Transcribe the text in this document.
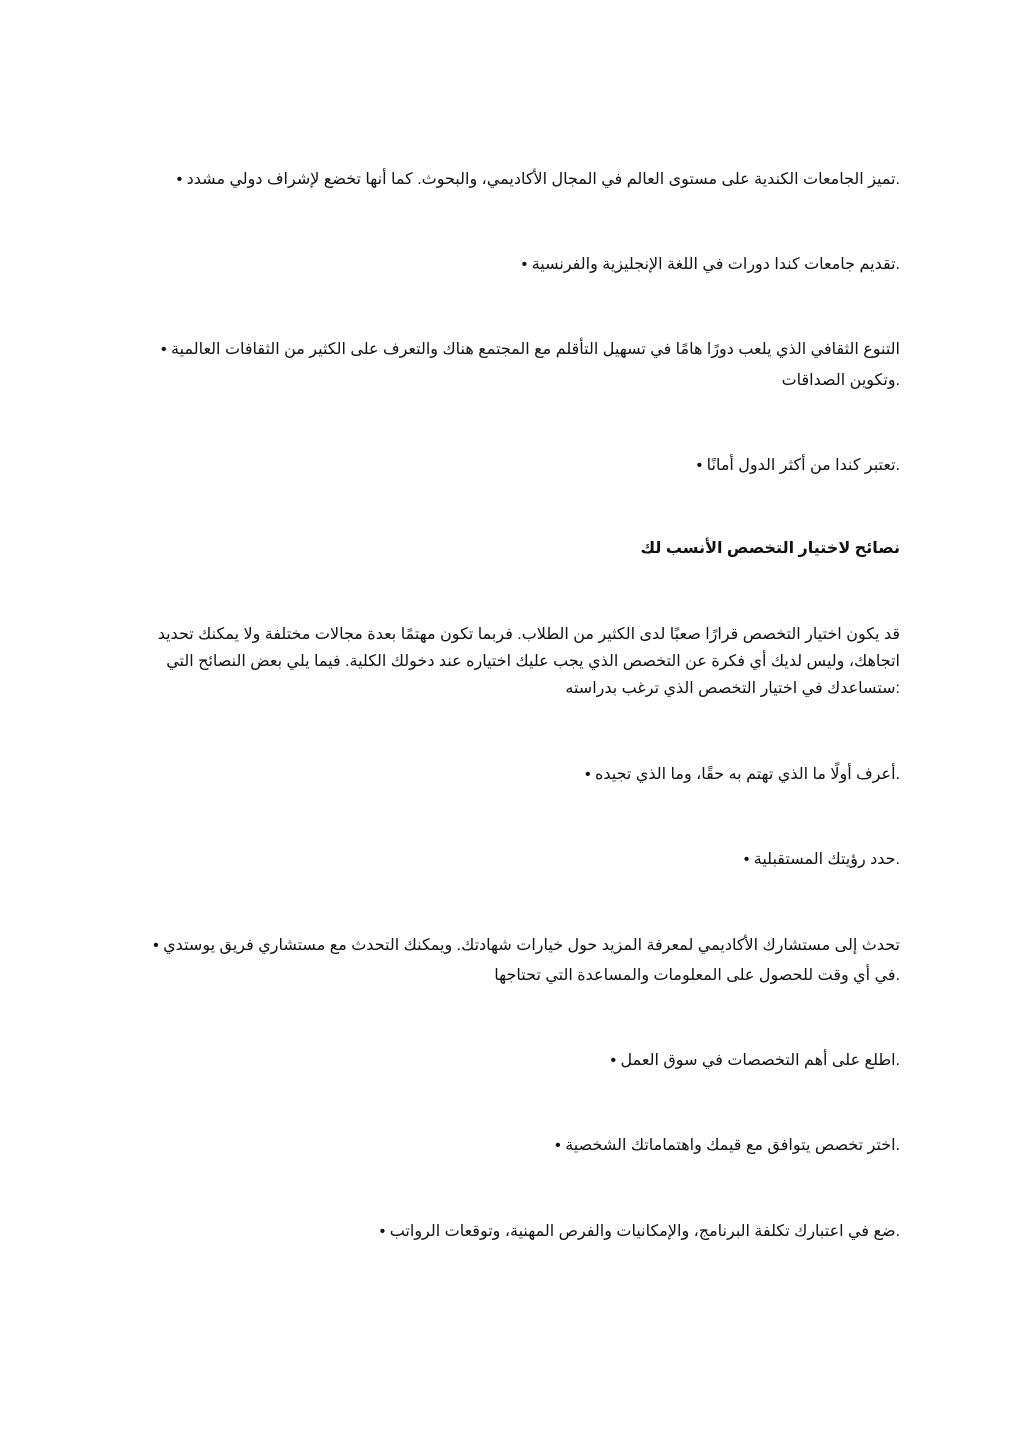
.تميز الجامعات الكندية على مستوى العالم في المجال الأكاديمي، والبحوث. كما أنها تخضع لإشراف دولي مشدد •
.تقديم جامعات كندا دورات في اللغة الإنجليزية والفرنسية •
التنوع الثقافي الذي يلعب دورًا هامًا في تسهيل التأقلم مع المجتمع هناك والتعرف على الكثير من الثقافات العالمية •
.وتكوين الصداقات
.تعتبر كندا من أكثر الدول أمانًا •
نصائح لاختيار التخصص الأنسب لك
قد يكون اختيار التخصص قرارًا صعبًا لدى الكثير من الطلاب. فربما تكون مهتمًا بعدة مجالات مختلفة ولا يمكنك تحديد
اتجاهك، وليس لديك أي فكرة عن التخصص الذي يجب عليك اختياره عند دخولك الكلية. فيما يلي بعض النصائح التي
:ستساعدك في اختيار التخصص الذي ترغب بدراسته
.أعرف أولًا ما الذي تهتم به حقًا، وما الذي تجيده •
.حدد رؤيتك المستقبلية •
تحدث إلى مستشارك الأكاديمي لمعرفة المزيد حول خيارات شهادتك. ويمكنك التحدث مع مستشاري فريق يوستدي •
.في أي وقت للحصول على المعلومات والمساعدة التي تحتاجها
.اطلع على أهم التخصصات في سوق العمل •
.اختر تخصص يتوافق مع قيمك واهتماماتك الشخصية •
.ضع في اعتبارك تكلفة البرنامج، والإمكانيات والفرص المهنية، وتوقعات الرواتب •
